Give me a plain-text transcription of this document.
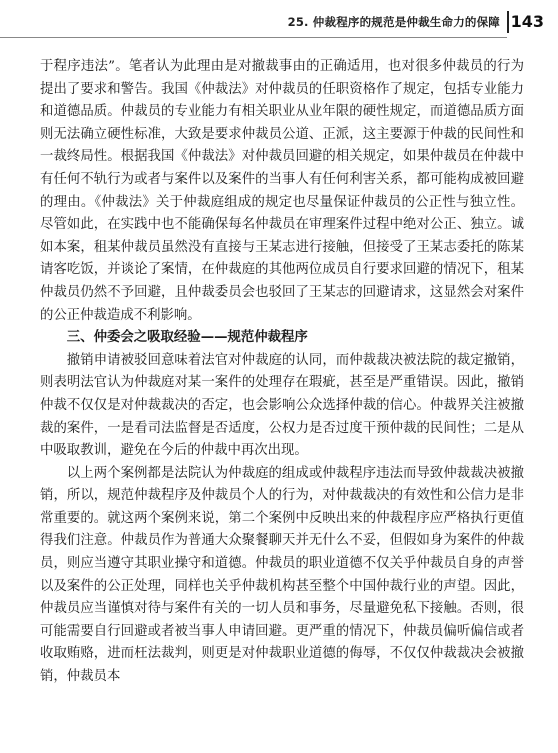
25. 仲裁程序的规范是仲裁生命力的保障 143

于程序违法”。笔者认为此理由是对撤裁事由的正确适用，也对很多仲裁员的行为提出了要求和警告。我国《仲裁法》对仲裁员的任职资格作了规定，包括专业能力和道德品质。仲裁员的专业能力有相关职业从业年限的硬性规定，而道德品质方面则无法确立硬性标准，大致是要求仲裁员公道、正派，这主要源于仲裁的民间性和一裁终局性。根据我国《仲裁法》对仲裁员回避的相关规定，如果仲裁员在仲裁中有任何不轨行为或者与案件以及案件的当事人有任何利害关系，都可能构成被回避的理由。《仲裁法》关于仲裁庭组成的规定也尽量保证仲裁员的公正性与独立性。尽管如此，在实践中也不能确保每名仲裁员在审理案件过程中绝对公正、独立。诚如本案，租某仲裁员虽然没有直接与王某志进行接触，但接受了王某志委托的陈某请客吃饭，并谈论了案情，在仲裁庭的其他两位成员自行要求回避的情况下，租某仲裁员仍然不予回避，且仲裁委员会也驳回了王某志的回避请求，这显然会对案件的公正仲裁造成不利影响。

三、仲委会之吸取经验——规范仲裁程序

撤销申请被驳回意味着法官对仲裁庭的认同，而仲裁裁决被法院的裁定撤销，则表明法官认为仲裁庭对某一案件的处理存在瑕疵，甚至是严重错误。因此，撤销仲裁不仅仅是对仲裁裁决的否定，也会影响公众选择仲裁的信心。仲裁界关注被撤裁的案件，一是看司法监督是否适度，公权力是否过度干预仲裁的民间性；二是从中吸取教训，避免在今后的仲裁中再次出现。

以上两个案例都是法院认为仲裁庭的组成或仲裁程序违法而导致仲裁裁决被撤销，所以，规范仲裁程序及仲裁员个人的行为，对仲裁裁决的有效性和公信力是非常重要的。就这两个案例来说，第二个案例中反映出来的仲裁程序应严格执行更值得我们注意。仲裁员作为普通大众聚餐聊天并无什么不妥，但假如身为案件的仲裁员，则应当遵守其职业操守和道德。仲裁员的职业道德不仅关乎仲裁员自身的声誉以及案件的公正处理，同样也关乎仲裁机构甚至整个中国仲裁行业的声望。因此，仲裁员应当谨慎对待与案件有关的一切人员和事务，尽量避免私下接触。否则，很可能需要自行回避或者被当事人申请回避。更严重的情况下，仲裁员偏听偏信或者收取贿赂，进而枉法裁判，则更是对仲裁职业道德的侮辱，不仅仅仲裁裁决会被撤销，仲裁员本
